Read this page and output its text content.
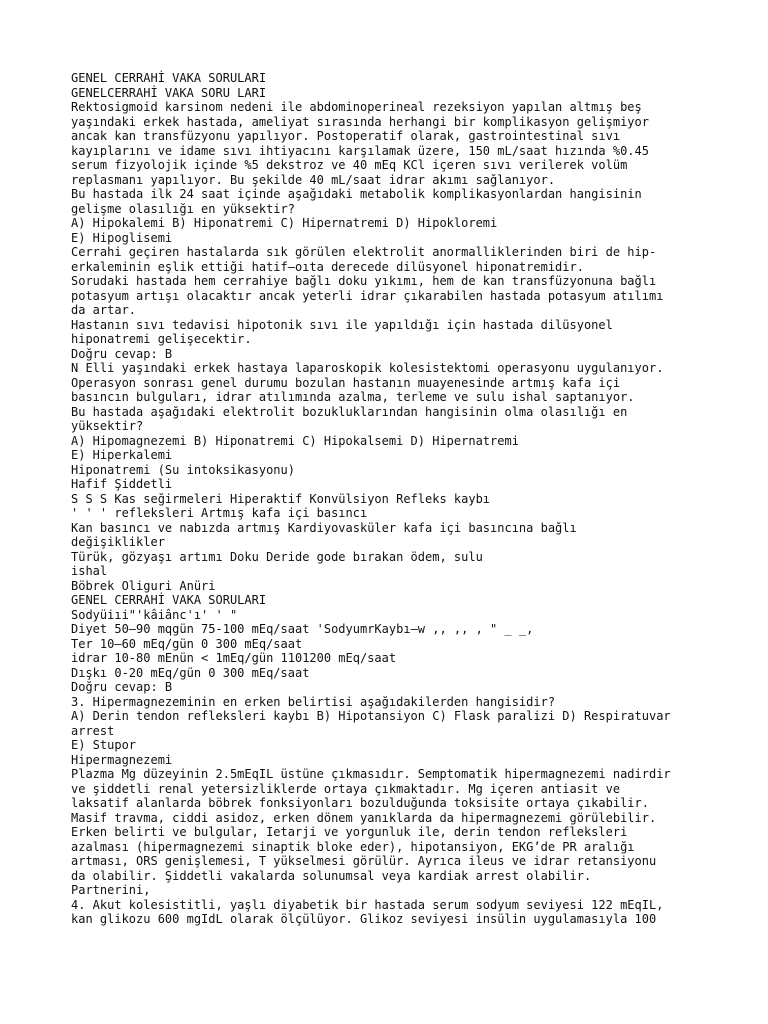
GENEL CERRAHİ VAKA SORULARI
GENELCERRAHİ VAKA SORU LARI
Rektosigmoid karsinom nedeni ile abdominoperineal rezeksiyon yapılan altmış beş
yaşındaki erkek hastada, ameliyat sırasında herhangi bir komplikasyon gelişmiyor
ancak kan transfüzyonu yapılıyor. Postoperatif olarak, gastrointestinal sıvı
kayıplarını ve idame sıvı ihtiyacını karşılamak üzere, 150 mL/saat hızında %0.45
serum fizyolojik içinde %5 dekstroz ve 40 mEq KCl içeren sıvı verilerek volüm
replasmanı yapılıyor. Bu şekilde 40 mL/saat idrar akımı sağlanıyor.
Bu hastada ilk 24 saat içinde aşağıdaki metabolik komplikasyonlardan hangisinin
gelişme olasılığı en yüksektir?
A) Hipokalemi B) Hiponatremi C) Hipernatremi D) Hipokloremi
E) Hipoglisemi
Cerrahi geçiren hastalarda sık görülen elektrolit anormalliklerinden biri de hip-
erkaleminin eşlik ettiği hatif—oıta derecede dilüsyonel hiponatremidir.
Sorudaki hastada hem cerrahiye bağlı doku yıkımı, hem de kan transfüzyonuna bağlı
potasyum artışı olacaktır ancak yeterli idrar çıkarabilen hastada potasyum atılımı
da artar.
Hastanın sıvı tedavisi hipotonik sıvı ile yapıldığı için hastada dilüsyonel
hiponatremi gelişecektir.
Doğru cevap: B
N Elli yaşındaki erkek hastaya laparoskopik kolesistektomi operasyonu uygulanıyor.
Operasyon sonrası genel durumu bozulan hastanın muayenesinde artmış kafa içi
basıncın bulguları, idrar atılımında azalma, terleme ve sulu ishal saptanıyor.
Bu hastada aşağıdaki elektrolit bozukluklarından hangisinin olma olasılığı en
yüksektir?
A) Hipomagnezemi B) Hiponatremi C) Hipokalsemi D) Hipernatremi
E) Hiperkalemi
Hiponatremi (Su intoksikasyonu)
Hafif Şiddetli
S S S Kas seğirmeleri Hiperaktif Konvülsiyon Refleks kaybı
' ' ' refleksleri Artmış kafa içi basıncı
Kan basıncı ve nabızda artmış Kardiyovasküler kafa içi basıncına bağlı
değişiklikler
Türük, gözyaşı artımı Doku Deride gode bırakan ödem, sulu
ishal
Böbrek Oliguri Anüri
GENEL CERRAHİ VAKA SORULARI
Sodyüiıi"'kâiânc'ı' ' "
Diyet 50—90 mqgün 75-100 mEq/saat 'SodyumrKaybı—w ,, ,, , " _ _,
Ter 10—60 mEq/gün 0 300 mEq/saat
idrar 10-80 mEnün < 1mEq/gün 1101200 mEq/saat
Dışkı 0-20 mEq/gün 0 300 mEq/saat
Doğru cevap: B
3. Hipermagnezeminin en erken belirtisi aşağıdakilerden hangisidir?
A) Derin tendon refleksleri kaybı B) Hipotansiyon C) Flask paralizi D) Respiratuvar
arrest
E) Stupor
Hipermagnezemi
Plazma Mg düzeyinin 2.5mEqIL üstüne çıkmasıdır. Semptomatik hipermagnezemi nadirdir
ve şiddetli renal yetersizliklerde ortaya çıkmaktadır. Mg içeren antiasit ve
laksatif alanlarda böbrek fonksiyonları bozulduğunda toksisite ortaya çıkabilir.
Masif travma, ciddi asidoz, erken dönem yanıklarda da hipermagnezemi görülebilir.
Erken belirti ve bulgular, Ietarji ve yorgunluk ile, derin tendon refleksleri
azalması (hipermagnezemi sinaptik bloke eder), hipotansiyon, EKG’de PR aralığı
artması, ORS genişlemesi, T yükselmesi görülür. Ayrıca ileus ve idrar retansiyonu
da olabilir. Şiddetli vakalarda solunumsal veya kardiak arrest olabilir.
Partnerini,
4. Akut kolesistitli, yaşlı diyabetik bir hastada serum sodyum seviyesi 122 mEqIL,
kan glikozu 600 mgIdL olarak ölçülüyor. Glikoz seviyesi insülin uygulamasıyla 100
